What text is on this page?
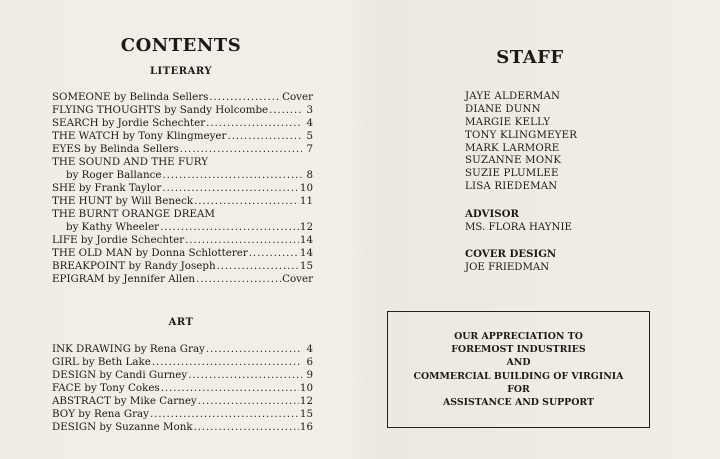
CONTENTS
LITERARY
SOMEONE by Belinda Sellers . . .	Cover
FLYING THOUGHTS by Sandy Holcombe . . .	3
SEARCH by Jordie Schechter . . .	4
THE WATCH by Tony Klingmeyer . . .	5
EYES by Belinda Sellers . . .	7
THE SOUND AND THE FURY
by Roger Ballance . . .	8
SHE by Frank Taylor . . .	10
THE HUNT by Will Beneck . . .	11
THE BURNT ORANGE DREAM
by Kathy Wheeler . . .	12
LIFE by Jordie Schechter . . .	14
THE OLD MAN by Donna Schlotterer . . .	14
BREAKPOINT by Randy Joseph . . .	15
EPIGRAM by Jennifer Allen . . .	Cover
ART
INK DRAWING by Rena Gray . . .	4
GIRL by Beth Lake . . .	6
DESIGN by Candi Gurney . . .	9
FACE by Tony Cokes . . .	10
ABSTRACT by Mike Carney . . .	12
BOY by Rena Gray . . .	15
DESIGN by Suzanne Monk . . .	16
STAFF
JAYE ALDERMAN
DIANE DUNN
MARGIE KELLY
TONY KLINGMEYER
MARK LARMORE
SUZANNE MONK
SUZIE PLUMLEE
LISA RIEDEMAN
ADVISOR
MS. FLORA HAYNIE
COVER DESIGN
JOE FRIEDMAN
OUR APPRECIATION TO
FOREMOST INDUSTRIES
AND
COMMERCIAL BUILDING OF VIRGINIA
FOR
ASSISTANCE AND SUPPORT
